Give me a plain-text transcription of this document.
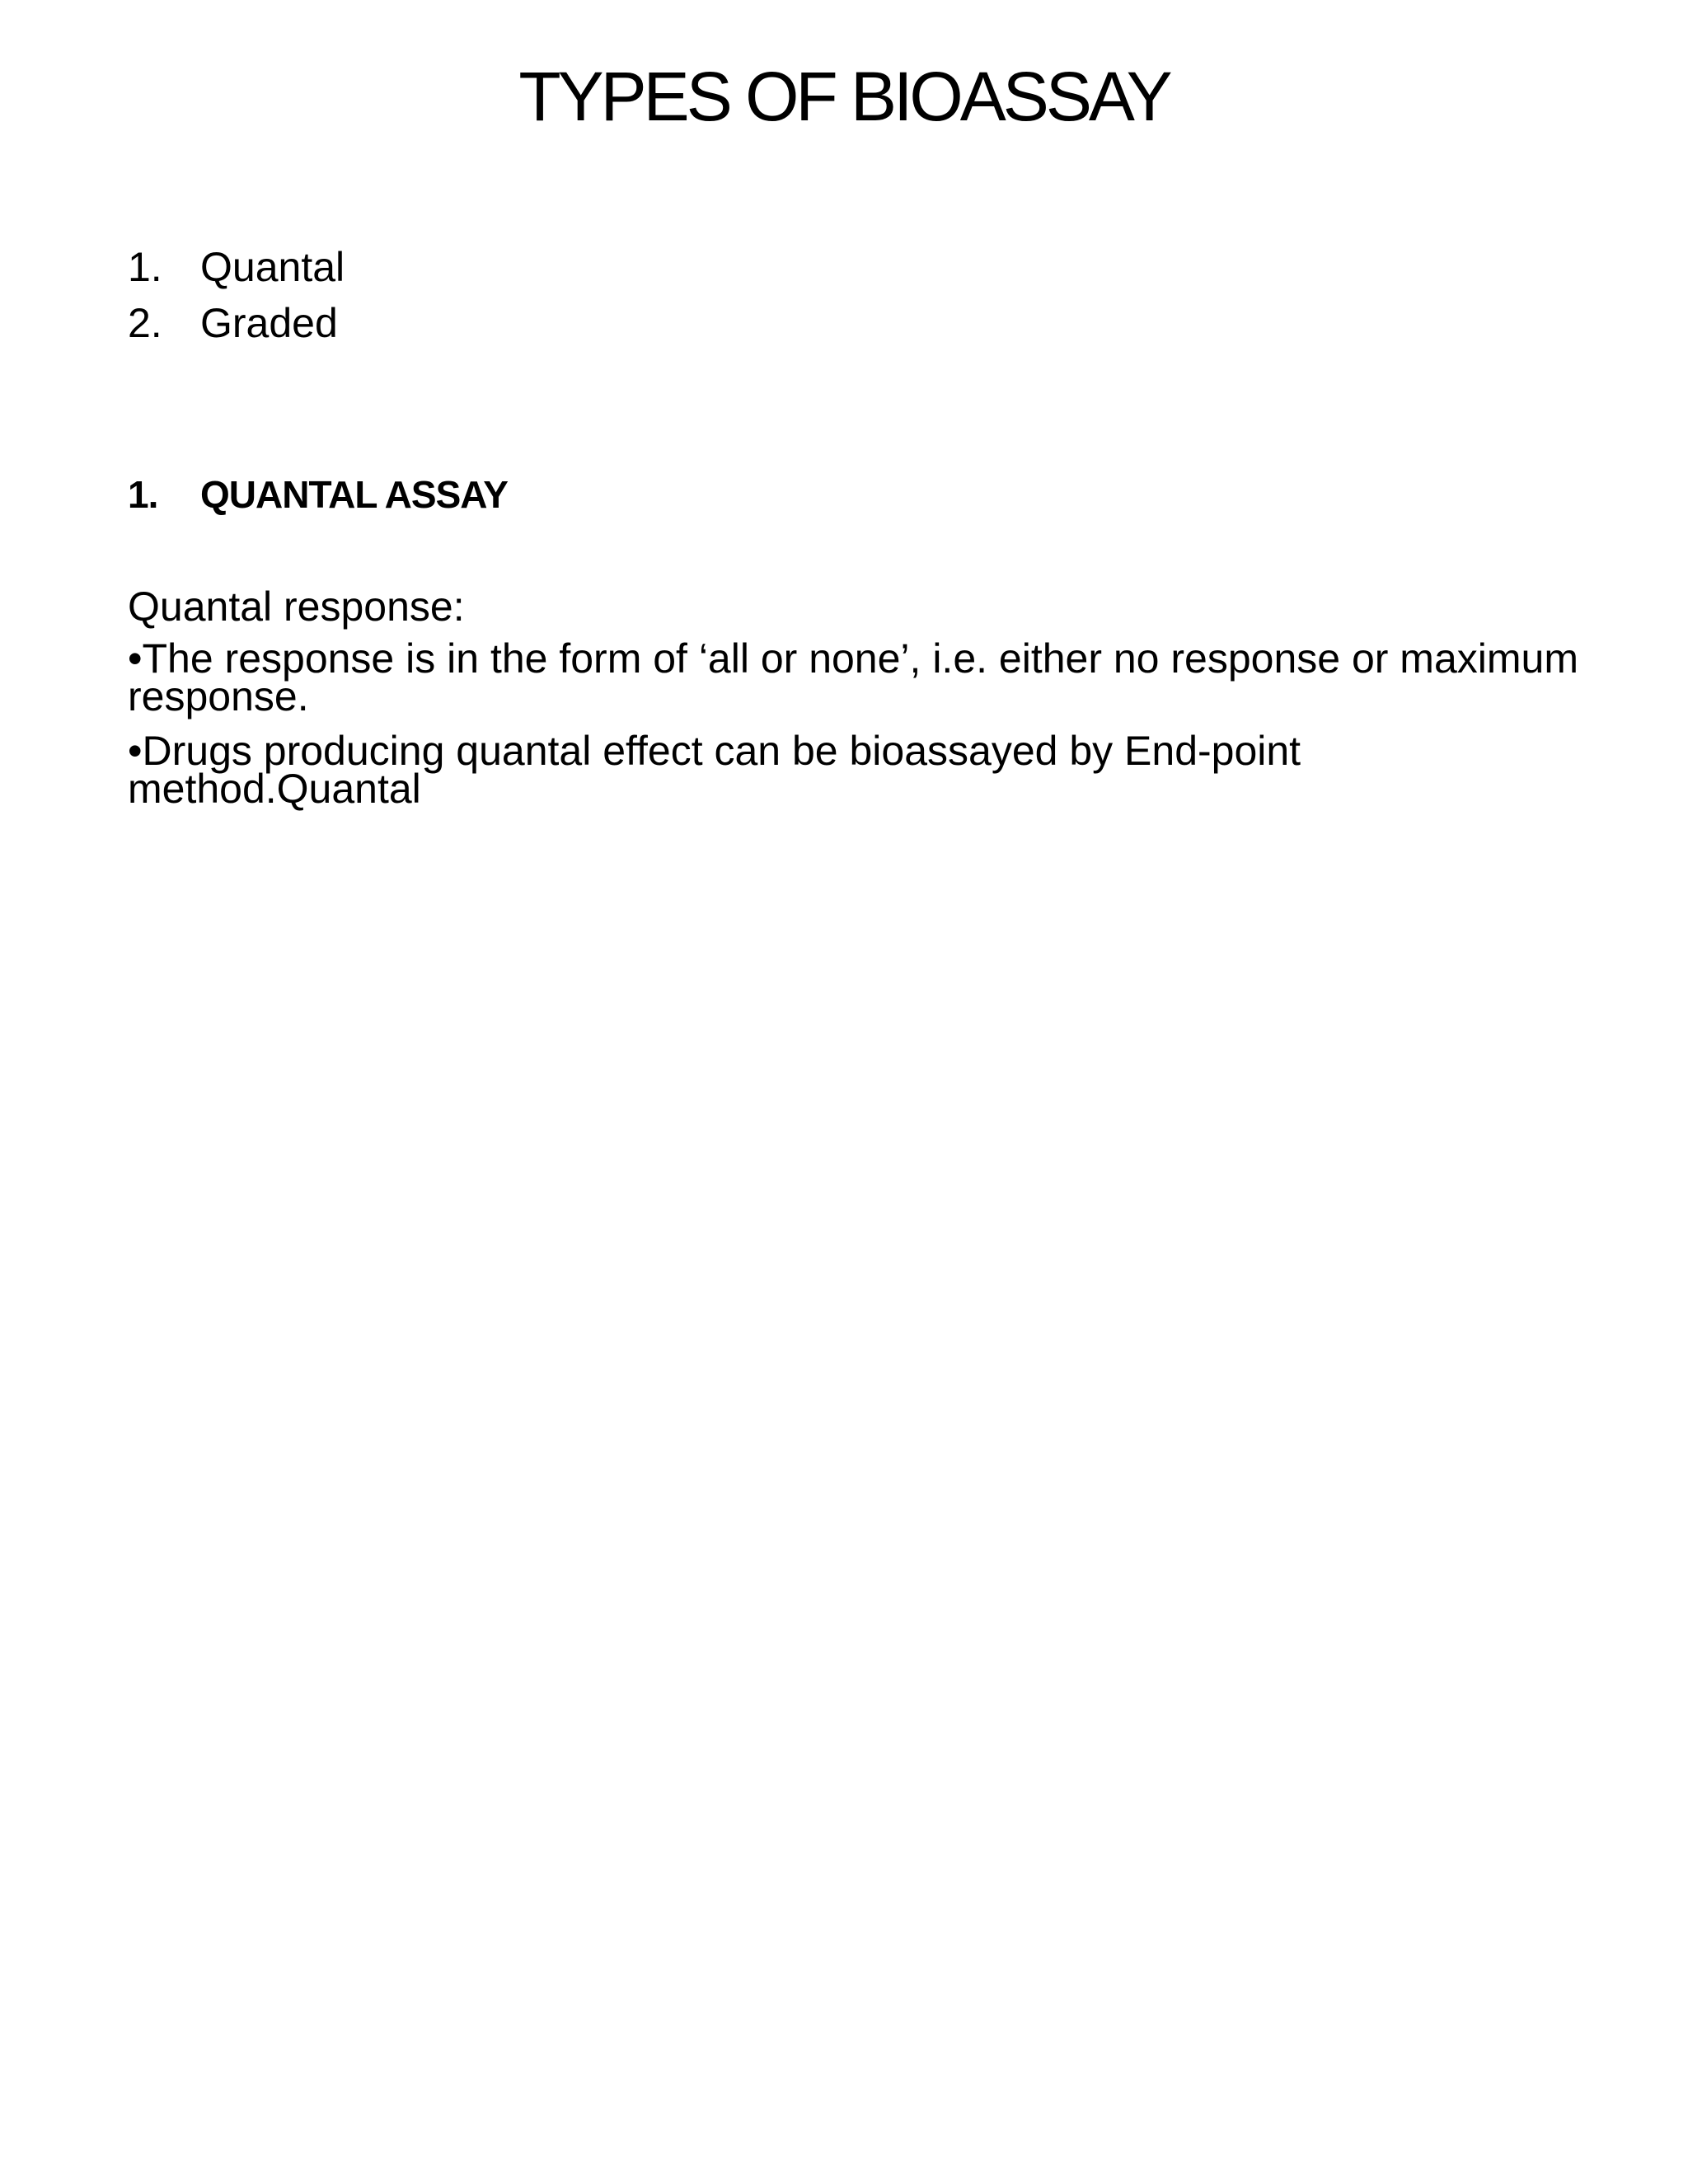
TYPES OF BIOASSAY
1. Quantal
2. Graded
1. QUANTAL ASSAY

Quantal response:

•The response is in the form of ‘all or none’, i.e. either no response or maximum response.

•Drugs producing quantal effect can be bioassayed by End-point method.Quantal
